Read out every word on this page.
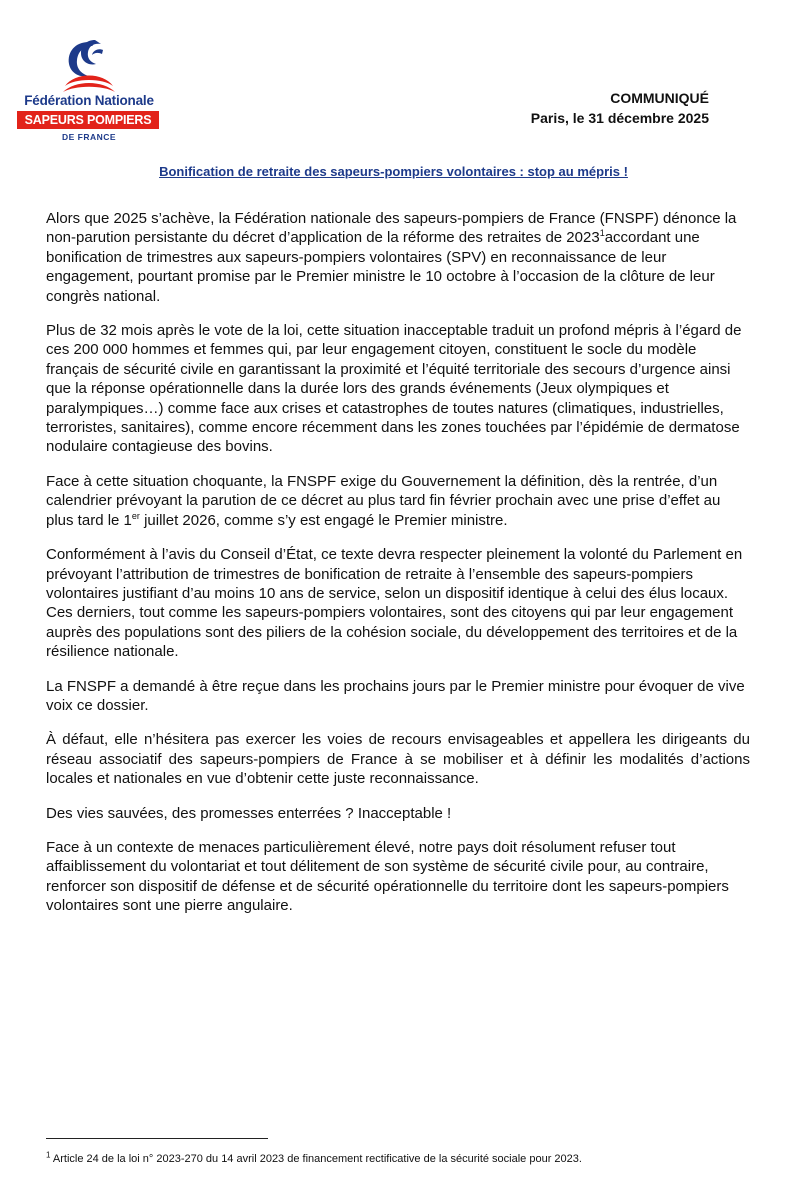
Fédération Nationale
SAPEURS POMPIERS
DE FRANCE
COMMUNIQUÉ
Paris, le 31 décembre 2025
Bonification de retraite des sapeurs-pompiers volontaires : stop au mépris !

Alors que 2025 s’achève, la Fédération nationale des sapeurs-pompiers de France (FNSPF) dénonce la non-parution persistante du décret d’application de la réforme des retraites de 2023$^1$accordant une bonification de trimestres aux sapeurs-pompiers volontaires (SPV) en reconnaissance de leur engagement, pourtant promise par le Premier ministre le 10 octobre à l’occasion de la clôture de leur congrès national.

Plus de 32 mois après le vote de la loi, cette situation inacceptable traduit un profond mépris à l’égard de ces 200 000 hommes et femmes qui, par leur engagement citoyen, constituent le socle du modèle français de sécurité civile en garantissant la proximité et l’équité territoriale des secours d’urgence ainsi que la réponse opérationnelle dans la durée lors des grands événements (Jeux olympiques et paralympiques…) comme face aux crises et catastrophes de toutes natures (climatiques, industrielles, terroristes, sanitaires), comme encore récemment dans les zones touchées par l’épidémie de dermatose nodulaire contagieuse des bovins.

Face à cette situation choquante, la FNSPF exige du Gouvernement la définition, dès la rentrée, d’un calendrier prévoyant la parution de ce décret au plus tard fin février prochain avec une prise d’effet au plus tard le 1er juillet 2026, comme s’y est engagé le Premier ministre.

Conformément à l’avis du Conseil d’État, ce texte devra respecter pleinement la volonté du Parlement en prévoyant l’attribution de trimestres de bonification de retraite à l’ensemble des sapeurs-pompiers volontaires justifiant d’au moins 10 ans de service, selon un dispositif identique à celui des élus locaux. Ces derniers, tout comme les sapeurs-pompiers volontaires, sont des citoyens qui par leur engagement auprès des populations sont des piliers de la cohésion sociale, du développement des territoires et de la résilience nationale.

La FNSPF a demandé à être reçue dans les prochains jours par le Premier ministre pour évoquer de vive voix ce dossier.

À défaut, elle n’hésitera pas exercer les voies de recours envisageables et appellera les dirigeants du réseau associatif des sapeurs-pompiers de France à se mobiliser et à définir les modalités d’actions locales et nationales en vue d’obtenir cette juste reconnaissance.

Des vies sauvées, des promesses enterrées ? Inacceptable !

Face à un contexte de menaces particulièrement élevé, notre pays doit résolument refuser tout affaiblissement du volontariat et tout délitement de son système de sécurité civile pour, au contraire, renforcer son dispositif de défense et de sécurité opérationnelle du territoire dont les sapeurs-pompiers volontaires sont une pierre angulaire.

$^1$ Article 24 de la loi n° 2023-270 du 14 avril 2023 de financement rectificative de la sécurité sociale pour 2023.
